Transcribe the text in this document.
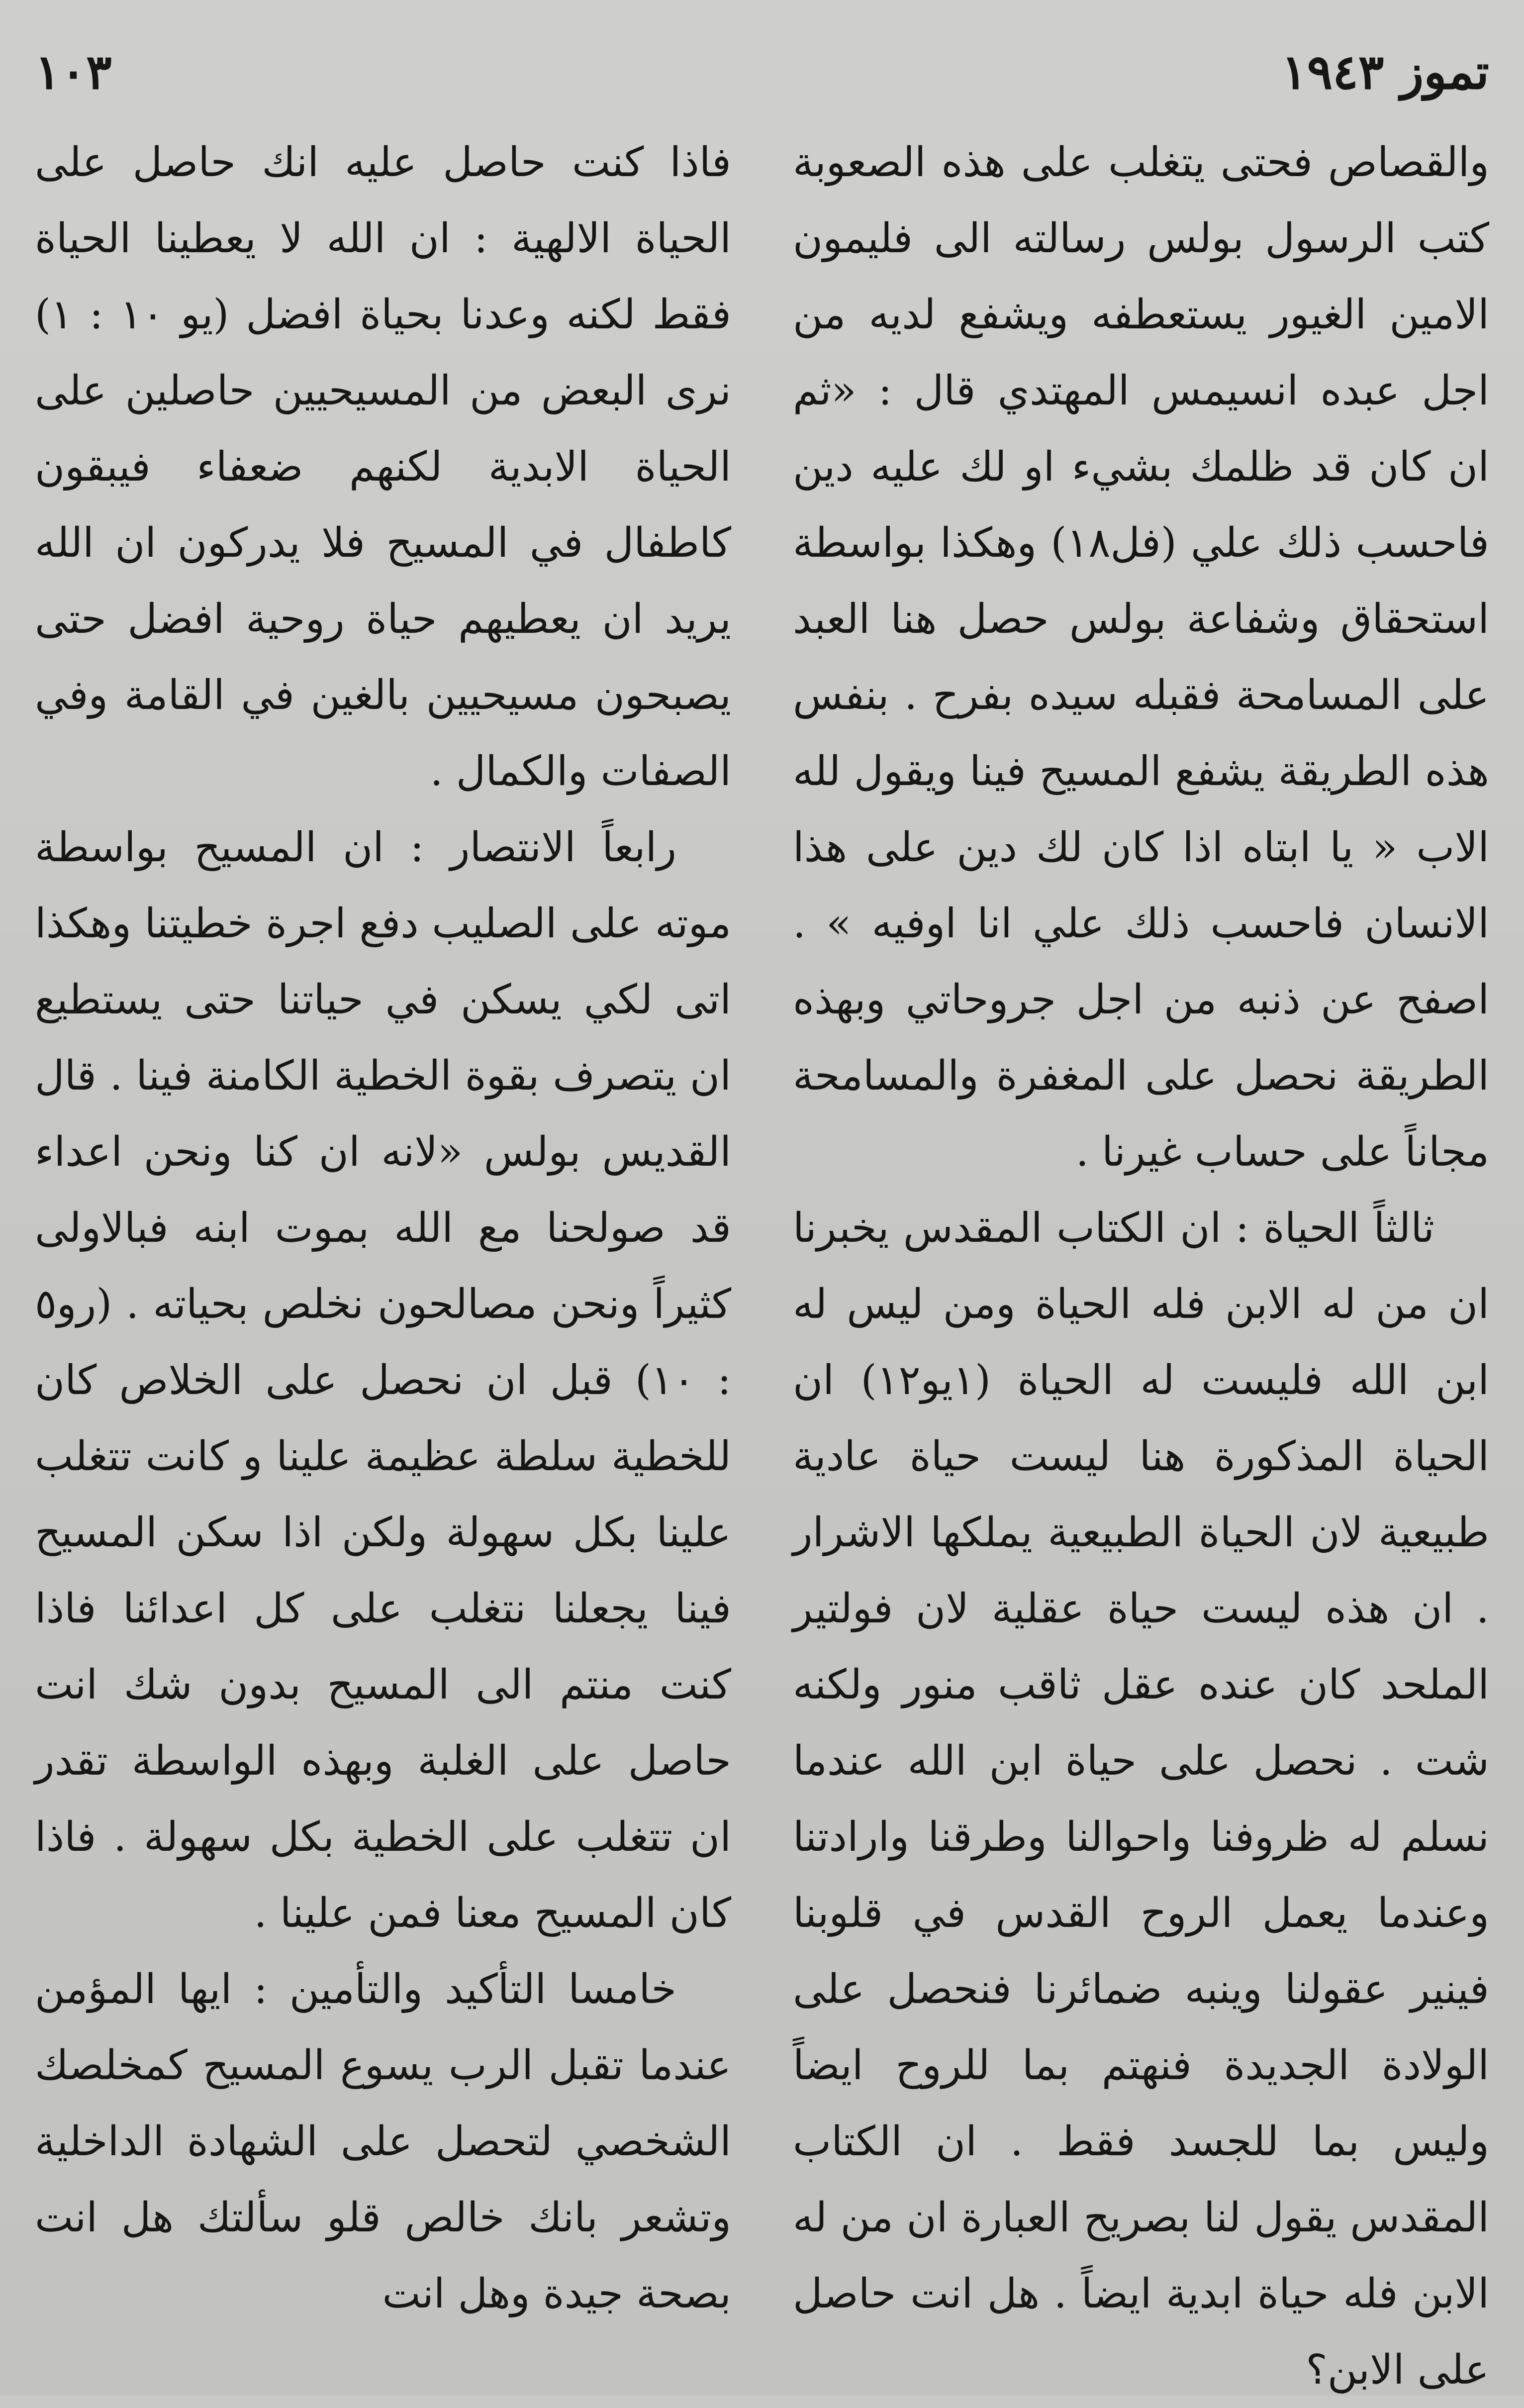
١٠٣	تموز ١٩٤٣

والقصاص فحتى يتغلب على هذه الصعوبة كتب الرسول بولس رسالته الى فليمون الامين الغيور يستعطفه ويشفع لديه من اجل عبده انسيمس المهتدي قال : «ثم ان كان قد ظلمك بشيء او لك عليه دين فاحسب ذلك علي (فل١٨) وهكذا بواسطة استحقاق وشفاعة بولس حصل هنا العبد على المسامحة فقبله سيده بفرح . بنفس هذه الطريقة يشفع المسيح فينا ويقول لله الاب « يا ابتاه اذا كان لك دين على هذا الانسان فاحسب ذلك علي انا اوفيه » . اصفح عن ذنبه من اجل جروحاتي وبهذه الطريقة نحصل على المغفرة والمسامحة مجاناً على حساب غيرنا .

ثالثاً الحياة : ان الكتاب المقدس يخبرنا ان من له الابن فله الحياة ومن ليس له ابن الله فليست له الحياة (١يو١٢) ان الحياة المذكورة هنا ليست حياة عادية طبيعية لان الحياة الطبيعية يملكها الاشرار . ان هذه ليست حياة عقلية لان فولتير الملحد كان عنده عقل ثاقب منور ولكنه شت . نحصل على حياة ابن الله عندما نسلم له ظروفنا واحوالنا وطرقنا وارادتنا وعندما يعمل الروح القدس في قلوبنا فينير عقولنا وينبه ضمائرنا فنحصل على الولادة الجديدة فنهتم بما للروح ايضاً وليس بما للجسد فقط . ان الكتاب المقدس يقول لنا بصريح العبارة ان من له الابن فله حياة ابدية ايضاً . هل انت حاصل على الابن؟

فاذا كنت حاصل عليه انك حاصل على الحياة الالهية : ان الله لا يعطينا الحياة فقط لكنه وعدنا بحياة افضل (يو ١٠ : ١) نرى البعض من المسيحيين حاصلين على الحياة الابدية لكنهم ضعفاء فيبقون كاطفال في المسيح فلا يدركون ان الله يريد ان يعطيهم حياة روحية افضل حتى يصبحون مسيحيين بالغين في القامة وفي الصفات والكمال .

رابعاً الانتصار : ان المسيح بواسطة موته على الصليب دفع اجرة خطيتنا وهكذا اتى لكي يسكن في حياتنا حتى يستطيع ان يتصرف بقوة الخطية الكامنة فينا . قال القديس بولس «لانه ان كنا ونحن اعداء قد صولحنا مع الله بموت ابنه فبالاولى كثيراً ونحن مصالحون نخلص بحياته . (رو٥ : ١٠) قبل ان نحصل على الخلاص كان للخطية سلطة عظيمة علينا و كانت تتغلب علينا بكل سهولة ولكن اذا سكن المسيح فينا يجعلنا نتغلب على كل اعدائنا فاذا كنت منتم الى المسيح بدون شك انت حاصل على الغلبة وبهذه الواسطة تقدر ان تتغلب على الخطية بكل سهولة . فاذا كان المسيح معنا فمن علينا .

خامسا التأكيد والتأمين : ايها المؤمن عندما تقبل الرب يسوع المسيح كمخلصك الشخصي لتحصل على الشهادة الداخلية وتشعر بانك خالص قلو سألتك هل انت بصحة جيدة وهل انت
